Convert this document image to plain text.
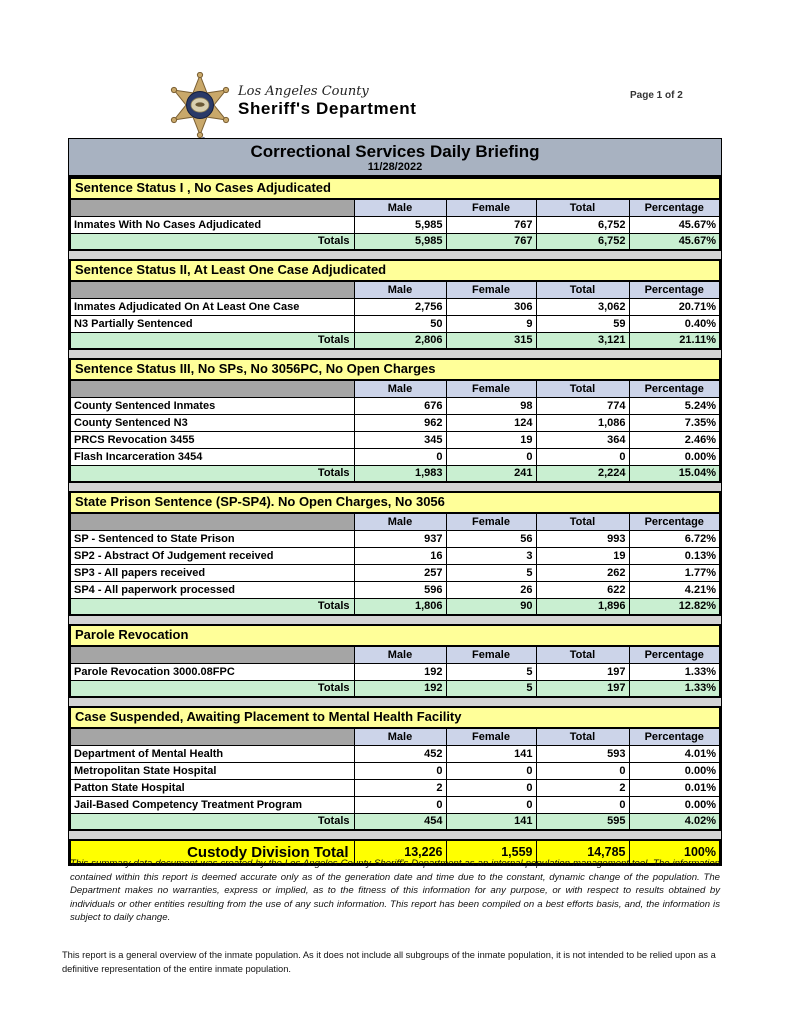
Los Angeles County
Sheriff's Department
Page 1 of 2
Correctional Services Daily Briefing
11/28/2022
Sentence Status I , No Cases Adjudicated
	Male	Female	Total	Percentage
Inmates With No Cases Adjudicated	5,985	767	6,752	45.67%
Totals	5,985	767	6,752	45.67%
Sentence Status II, At Least One Case Adjudicated
	Male	Female	Total	Percentage
Inmates Adjudicated On At Least One Case	2,756	306	3,062	20.71%
N3 Partially Sentenced	50	9	59	0.40%
Totals	2,806	315	3,121	21.11%
Sentence Status III, No SPs, No 3056PC, No Open Charges
	Male	Female	Total	Percentage
County Sentenced Inmates	676	98	774	5.24%
County Sentenced N3	962	124	1,086	7.35%
PRCS Revocation 3455	345	19	364	2.46%
Flash Incarceration 3454	0	0	0	0.00%
Totals	1,983	241	2,224	15.04%
State Prison Sentence (SP-SP4). No Open Charges, No 3056
	Male	Female	Total	Percentage
SP - Sentenced to State Prison	937	56	993	6.72%
SP2 - Abstract Of Judgement received	16	3	19	0.13%
SP3 - All papers received	257	5	262	1.77%
SP4 - All paperwork processed	596	26	622	4.21%
Totals	1,806	90	1,896	12.82%
Parole Revocation
	Male	Female	Total	Percentage
Parole Revocation 3000.08FPC	192	5	197	1.33%
Totals	192	5	197	1.33%
Case Suspended, Awaiting Placement to Mental Health Facility
	Male	Female	Total	Percentage
Department of Mental Health	452	141	593	4.01%
Metropolitan State Hospital	0	0	0	0.00%
Patton State Hospital	2	0	2	0.01%
Jail-Based Competency Treatment Program	0	0	0	0.00%
Totals	454	141	595	4.02%
Custody Division Total	13,226	1,559	14,785	100%

This summary data document was created by the Los Angeles County Sheriff's Department as an internal population management tool. The information contained within this report is deemed accurate only as of the generation date and time due to the constant, dynamic change of the population. The Department makes no warranties, express or implied, as to the fitness of this information for any purpose, or with respect to results obtained by individuals or other entities resulting from the use of any such information. This report has been compiled on a best efforts basis, and, the information is subject to daily change.

This report is a general overview of the inmate population. As it does not include all subgroups of the inmate population, it is not intended to be relied upon as a definitive representation of the entire inmate population.
